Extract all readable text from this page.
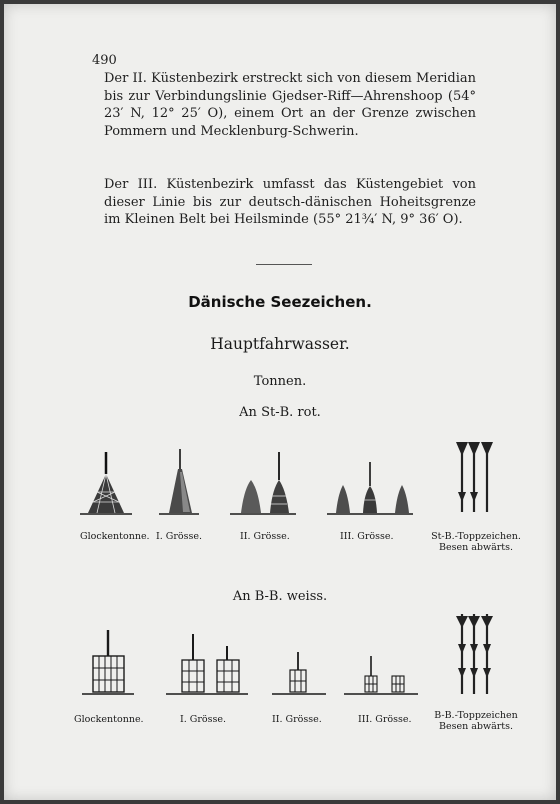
490
Der II. Küstenbezirk erstreckt sich von diesem Meridian bis zur Verbindungslinie Gjedser-Riff—Ahrenshoop (54° 23′ N, 12° 25′ O), einem Ort an der Grenze zwischen Pommern und Mecklenburg-Schwerin.
Der III. Küstenbezirk umfasst das Küstengebiet von dieser Linie bis zur deutsch-dänischen Hoheitsgrenze im Kleinen Belt bei Heilsminde (55° 21¾′ N, 9° 36′ O).
Dänische Seezeichen.
Hauptfahrwasser.
Tonnen.
An St-B. rot.
Glockentonne. I. Grösse.	II. Grösse.	III. Grösse.	St-B.-Toppzeichen.
Besen abwärts.
An B-B. weiss.
Glockentonne.	I. Grösse.	II. Grösse.	III. Grösse.	B-B.-Toppzeichen
Besen abwärts.
